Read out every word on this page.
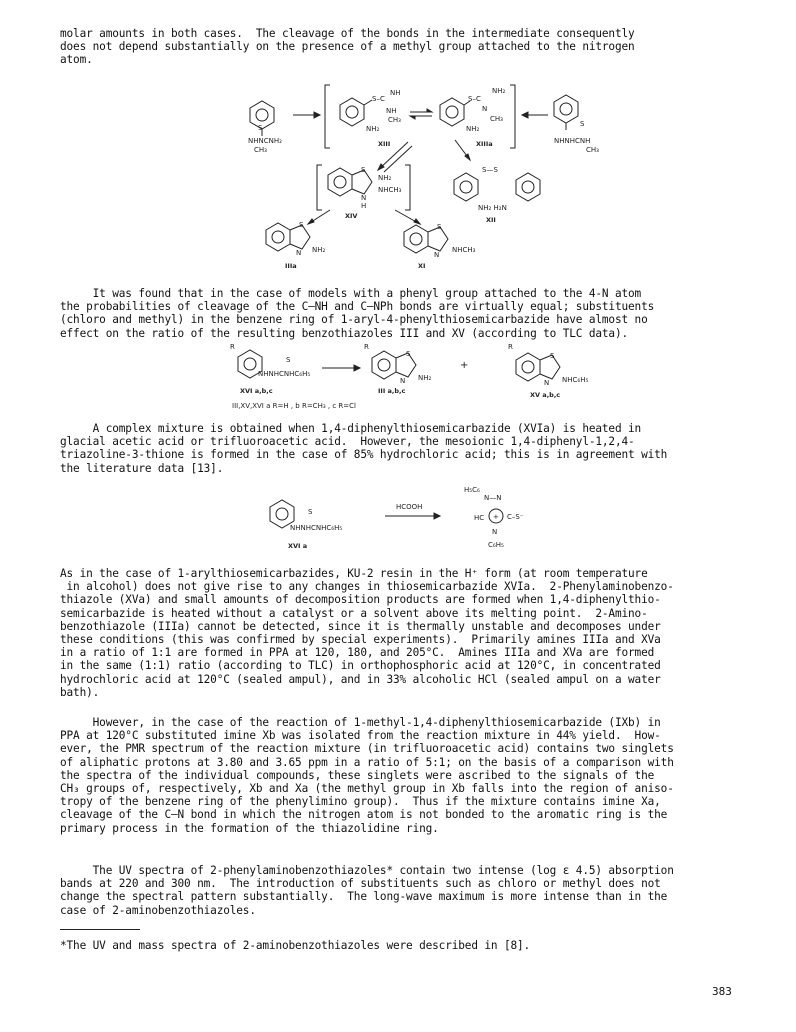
molar amounts in both cases.  The cleavage of the bonds in the intermediate consequently
does not depend substantially on the presence of a methyl group attached to the nitrogen
atom.

NHNCNH₂
S
CH₃
S–C
NH
NH
CH₃
NH₂
XIII
S–C
NH₂
N
CH₃
NH₂
XIIIa
S
NHNHCNH
CH₃
S
NH₂
NHCH₃
N
H
XIV
S—S
NH₂ H₂N
XII
S
N NH₂
IIIa
S
N
NHCH₃
XI

It was found that in the case of models with a phenyl group attached to the 4-N atom
the probabilities of cleavage of the C—NH and C—NPh bonds are virtually equal; substituents
(chloro and methyl) in the benzene ring of 1-aryl-4-phenylthiosemicarbazide have almost no
effect on the ratio of the resulting benzothiazoles III and XV (according to TLC data).

R
NHNHCNHC₆H₅
S
XVI a,b,c
R
S
N NH₂
III a,b,c
+
R
S
N NHC₆H₅
XV a,b,c
III,XV,XVI a R=H , b R=CH₃ , c R=Cl

A complex mixture is obtained when 1,4-diphenylthiosemicarbazide (XVIa) is heated in
glacial acetic acid or trifluoroacetic acid.  However, the mesoionic 1,4-diphenyl-1,2,4-
triazoline-3-thione is formed in the case of 85% hydrochloric acid; this is in agreement with
the literature data [13].

S
NHNHCNHC₆H₅
XVI a
HCOOH
H₅C₆
N—N
HC + C–S⁻
N
C₆H₅

As in the case of 1-arylthiosemicarbazides, KU-2 resin in the H⁺ form (at room temperature
in alcohol) does not give rise to any changes in thiosemicarbazide XVIa.  2-Phenylaminobenzo-
thiazole (XVa) and small amounts of decomposition products are formed when 1,4-diphenylthio-
semicarbazide is heated without a catalyst or a solvent above its melting point.  2-Amino-
benzothiazole (IIIa) cannot be detected, since it is thermally unstable and decomposes under
these conditions (this was confirmed by special experiments).  Primarily amines IIIa and XVa
in a ratio of 1:1 are formed in PPA at 120, 180, and 205°C.  Amines IIIa and XVa are formed
in the same (1:1) ratio (according to TLC) in orthophosphoric acid at 120°C, in concentrated
hydrochloric acid at 120°C (sealed ampul), and in 33% alcoholic HCl (sealed ampul on a water
bath).

However, in the case of the reaction of 1-methyl-1,4-diphenylthiosemicarbazide (IXb) in
PPA at 120°C substituted imine Xb was isolated from the reaction mixture in 44% yield.  How-
ever, the PMR spectrum of the reaction mixture (in trifluoroacetic acid) contains two singlets
of aliphatic protons at 3.80 and 3.65 ppm in a ratio of 5:1; on the basis of a comparison with
the spectra of the individual compounds, these singlets were ascribed to the signals of the
CH₃ groups of, respectively, Xb and Xa (the methyl group in Xb falls into the region of aniso-
tropy of the benzene ring of the phenylimino group).  Thus if the mixture contains imine Xa,
cleavage of the C—N bond in which the nitrogen atom is not bonded to the aromatic ring is the
primary process in the formation of the thiazolidine ring.

The UV spectra of 2-phenylaminobenzothiazoles* contain two intense (log ε 4.5) absorption
bands at 220 and 300 nm.  The introduction of substituents such as chloro or methyl does not
change the spectral pattern substantially.  The long-wave maximum is more intense than in the
case of 2-aminobenzothiazoles.

*The UV and mass spectra of 2-aminobenzothiazoles were described in [8].

383
